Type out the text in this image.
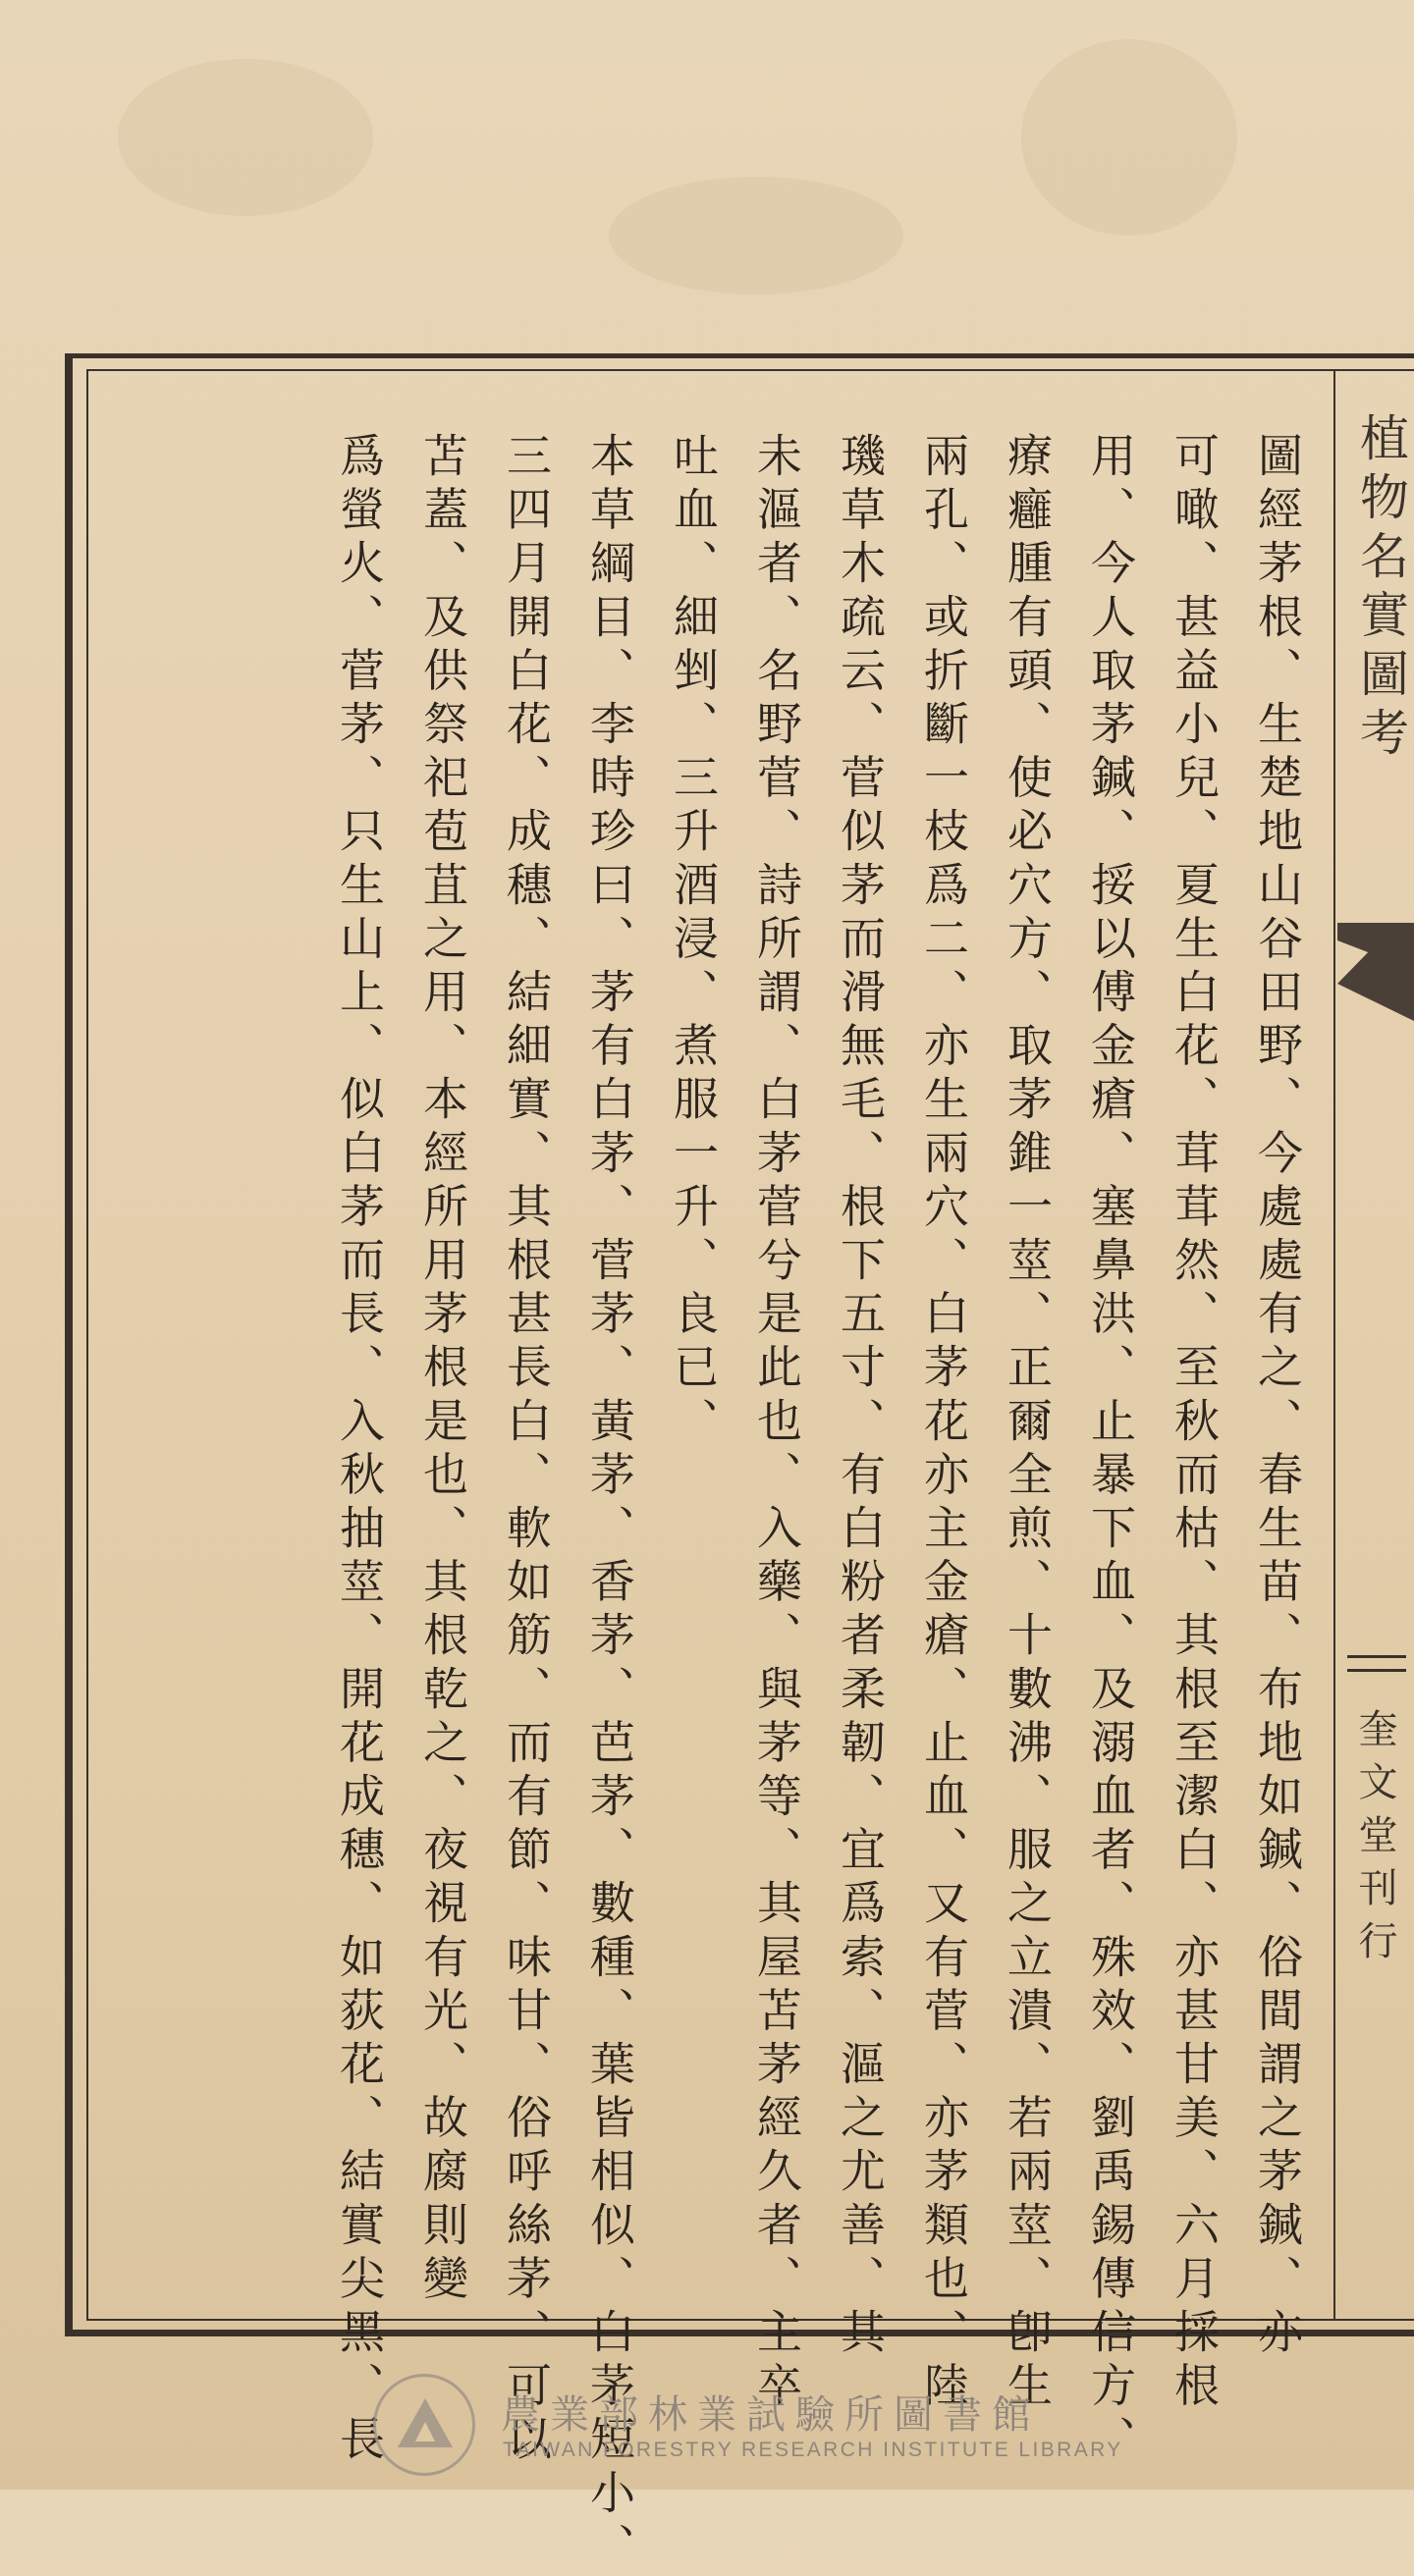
植物名實圖考
奎文堂刊行
圖經茅根、生楚地山谷田野、今處處有之、春生苗、布地如鍼、俗間謂之茅鍼、亦
可噉、甚益小兒、夏生白花、茸茸然、至秋而枯、其根至潔白、亦甚甘美、六月採根
用、今人取茅鍼、挼以傅金瘡、塞鼻洪、止暴下血、及溺血者、殊效、劉禹錫傳信方、
療癰腫有頭、使必穴方、取茅錐一莖、正爾全煎、十數沸、服之立潰、若兩莖、卽生
兩孔、或折斷一枝爲二、亦生兩穴、白茅花亦主金瘡、止血、又有菅、亦茅類也、陸
璣草木疏云、菅似茅而滑無毛、根下五寸、有白粉者柔韌、宜爲索、漚之尤善、其
未漚者、名野菅、詩所謂、白茅菅兮是此也、入藥、與茅等、其屋苫茅經久者、主卒
吐血、細剉、三升酒浸、煮服一升、良已、
本草綱目、李時珍曰、茅有白茅、菅茅、黃茅、香茅、芭茅、數種、葉皆相似、白茅短小、
三四月開白花、成穗、結細實、其根甚長白、軟如筋、而有節、味甘、俗呼絲茅、可以
苫蓋、及供祭祀苞苴之用、本經所用茅根是也、其根乾之、夜視有光、故腐則變
爲螢火、菅茅、只生山上、似白茅而長、入秋抽莖、開花成穗、如荻花、結實尖黑、長	農業部林業試驗所圖書館
TAIWAN FORESTRY RESEARCH INSTITUTE LIBRARY
